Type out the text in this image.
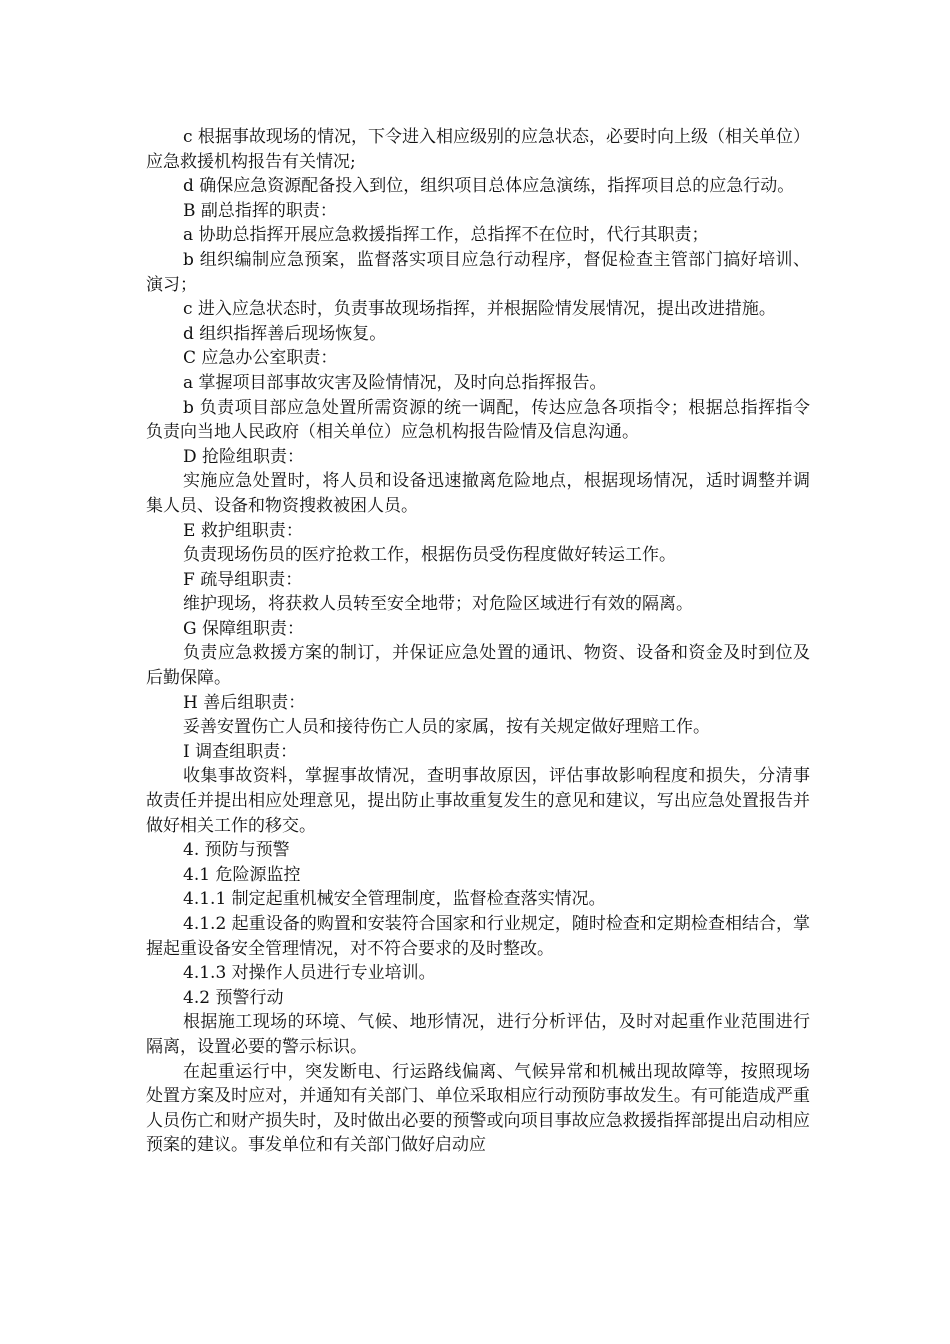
c 根据事故现场的情况，下令进入相应级别的应急状态，必要时向上级（相关单位）应急救援机构报告有关情况;

d 确保应急资源配备投入到位，组织项目总体应急演练，指挥项目总的应急行动。

B 副总指挥的职责：

a 协助总指挥开展应急救援指挥工作，总指挥不在位时，代行其职责；

b 组织编制应急预案，监督落实项目应急行动程序，督促检查主管部门搞好培训、演习；

c 进入应急状态时，负责事故现场指挥，并根据险情发展情况，提出改进措施。

d 组织指挥善后现场恢复。

C 应急办公室职责：

a 掌握项目部事故灾害及险情情况，及时向总指挥报告。

b 负责项目部应急处置所需资源的统一调配，传达应急各项指令；根据总指挥指令负责向当地人民政府（相关单位）应急机构报告险情及信息沟通。

D 抢险组职责：

实施应急处置时，将人员和设备迅速撤离危险地点，根据现场情况，适时调整并调集人员、设备和物资搜救被困人员。

E 救护组职责：

负责现场伤员的医疗抢救工作，根据伤员受伤程度做好转运工作。

F 疏导组职责：

维护现场，将获救人员转至安全地带；对危险区域进行有效的隔离。

G 保障组职责：

负责应急救援方案的制订，并保证应急处置的通讯、物资、设备和资金及时到位及后勤保障。

H 善后组职责：

妥善安置伤亡人员和接待伤亡人员的家属，按有关规定做好理赔工作。

I 调查组职责：

收集事故资料，掌握事故情况，查明事故原因，评估事故影响程度和损失，分清事故责任并提出相应处理意见，提出防止事故重复发生的意见和建议，写出应急处置报告并做好相关工作的移交。

4. 预防与预警

4.1 危险源监控

4.1.1 制定起重机械安全管理制度，监督检查落实情况。

4.1.2 起重设备的购置和安装符合国家和行业规定，随时检查和定期检查相结合，掌握起重设备安全管理情况，对不符合要求的及时整改。

4.1.3 对操作人员进行专业培训。

4.2 预警行动

根据施工现场的环境、气候、地形情况，进行分析评估，及时对起重作业范围进行隔离，设置必要的警示标识。

在起重运行中，突发断电、行运路线偏离、气候异常和机械出现故障等，按照现场处置方案及时应对，并通知有关部门、单位采取相应行动预防事故发生。有可能造成严重人员伤亡和财产损失时，及时做出必要的预警或向项目事故应急救援指挥部提出启动相应预案的建议。事发单位和有关部门做好启动应
